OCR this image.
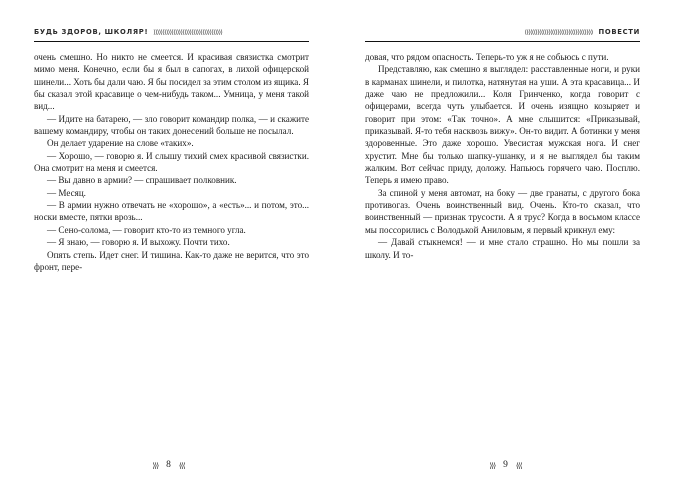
БУДЬ ЗДОРОВ, ШКОЛЯР! ⟩⟩⟩⟩⟩⟩⟩⟩⟩⟩⟩⟩⟩⟩⟩⟩⟩⟩⟩⟩⟩⟩⟩⟩⟩⟩⟩⟩⟩⟩⟩⟩⟩⟩⟩⟩⟩⟩

очень смешно. Но никто не смеется. И красивая связистка смотрит мимо меня. Конечно, если бы я был в сапогах, в лихой офицерской шинели... Хоть бы дали чаю. Я бы посидел за этим столом из ящика. Я бы сказал этой красавице о чем-нибудь таком... Умница, у меня такой вид...

— Идите на батарею, — зло говорит командир полка, — и скажите вашему командиру, чтобы он таких донесений больше не посылал.

Он делает ударение на слове «таких».

— Хорошо, — говорю я. И слышу тихий смех красивой связистки. Она смотрит на меня и смеется.

— Вы давно в армии? — спрашивает полковник.

— Месяц.

— В армии нужно отвечать не «хорошо», а «есть»... и потом, это... носки вместе, пятки врозь...

— Сено-солома, — говорит кто-то из темного угла.

— Я знаю, — говорю я. И выхожу. Почти тихо.

Опять степь. Идет снег. И тишина. Как-то даже не верится, что это фронт, пере-

⟩⟩⟩ 8 ⟨⟨⟨
⟨⟨⟨⟨⟨⟨⟨⟨⟨⟨⟨⟨⟨⟨⟨⟨⟨⟨⟨⟨⟨⟨⟨⟨⟨⟨⟨⟨⟨⟨⟨⟨⟨⟨⟨⟨⟨⟨ ПОВЕСТИ

довая, что рядом опасность. Теперь-то уж я не собьюсь с пути.

Представляю, как смешно я выглядел: расставленные ноги, и руки в карманах шинели, и пилотка, натянутая на уши. А эта красавица... И даже чаю не предложили... Коля Гринченко, когда говорит с офицерами, всегда чуть улыбается. И очень изящно козыряет и говорит при этом: «Так точно». А мне слышится: «Приказывай, приказывай. Я-то тебя насквозь вижу». Он-то видит. А ботинки у меня здоровенные. Это даже хорошо. Увесистая мужская нога. И снег хрустит. Мне бы только шапку-ушанку, и я не выглядел бы таким жалким. Вот сейчас приду, доложу. Напьюсь горячего чаю. Посплю. Теперь я имею право.

За спиной у меня автомат, на боку — две гранаты, с другого бока противогаз. Очень воинственный вид. Очень. Кто-то сказал, что воинственный — признак трусости. А я трус? Когда в восьмом классе мы поссорились с Володькой Аниловым, я первый крикнул ему:

— Давай стыкнемся! — и мне стало страшно. Но мы пошли за школу. И то-

⟩⟩⟩ 9 ⟨⟨⟨
